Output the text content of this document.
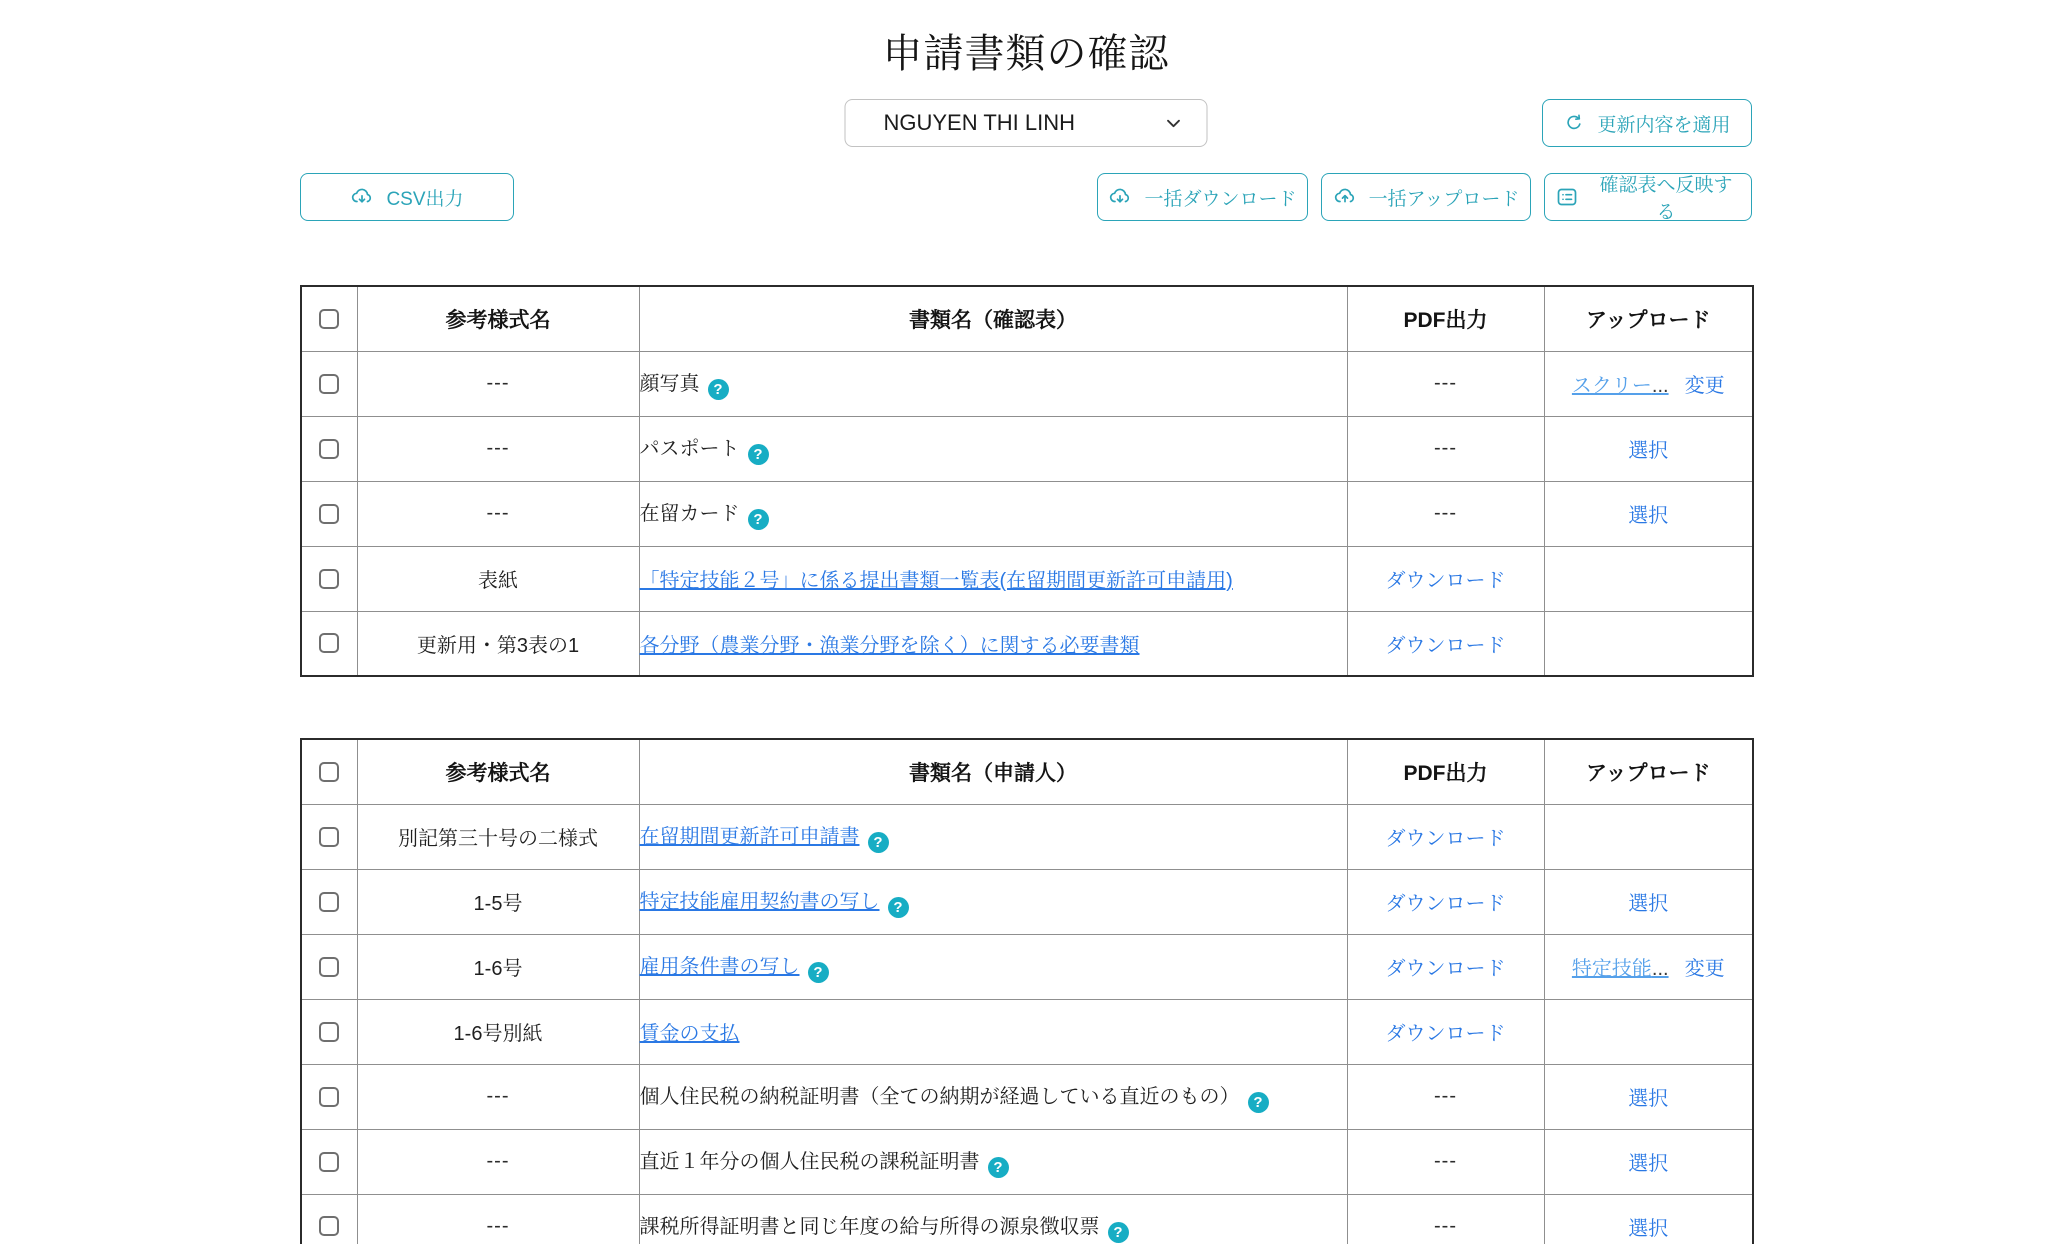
申請書類の確認
NGUYEN THI LINH	更新内容を適用
CSV出力	一括ダウンロード	一括アップロード
確認表へ反映する
	参考様式名	書類名（確認表）	PDF出力	アップロード
	---	顔写真 ?	---	スクリー... 変更

	---	パスポート ?	---	選択
	---	在留カード ?	---	選択
	表紙	「特定技能２号」に係る提出書類一覧表(在留期間更新許可申請用)	ダウンロード	
	更新用・第3表の1	各分野（農業分野・漁業分野を除く）に関する必要書類	ダウンロード	
	参考様式名	書類名（申請人）	PDF出力	アップロード
	別記第三十号の二様式	在留期間更新許可申請書 ?	ダウンロード	
	1-5号	特定技能雇用契約書の写し ?	ダウンロード	選択
	1-6号	雇用条件書の写し ?	ダウンロード	特定技能... 変更

	1-6号別紙	賃金の支払	ダウンロード	
	---	個人住民税の納税証明書（全ての納期が経過している直近のもの） ?	---	選択
	---	直近１年分の個人住民税の課税証明書 ?	---	選択
	---	課税所得証明書と同じ年度の給与所得の源泉徴収票 ?	---	選択
